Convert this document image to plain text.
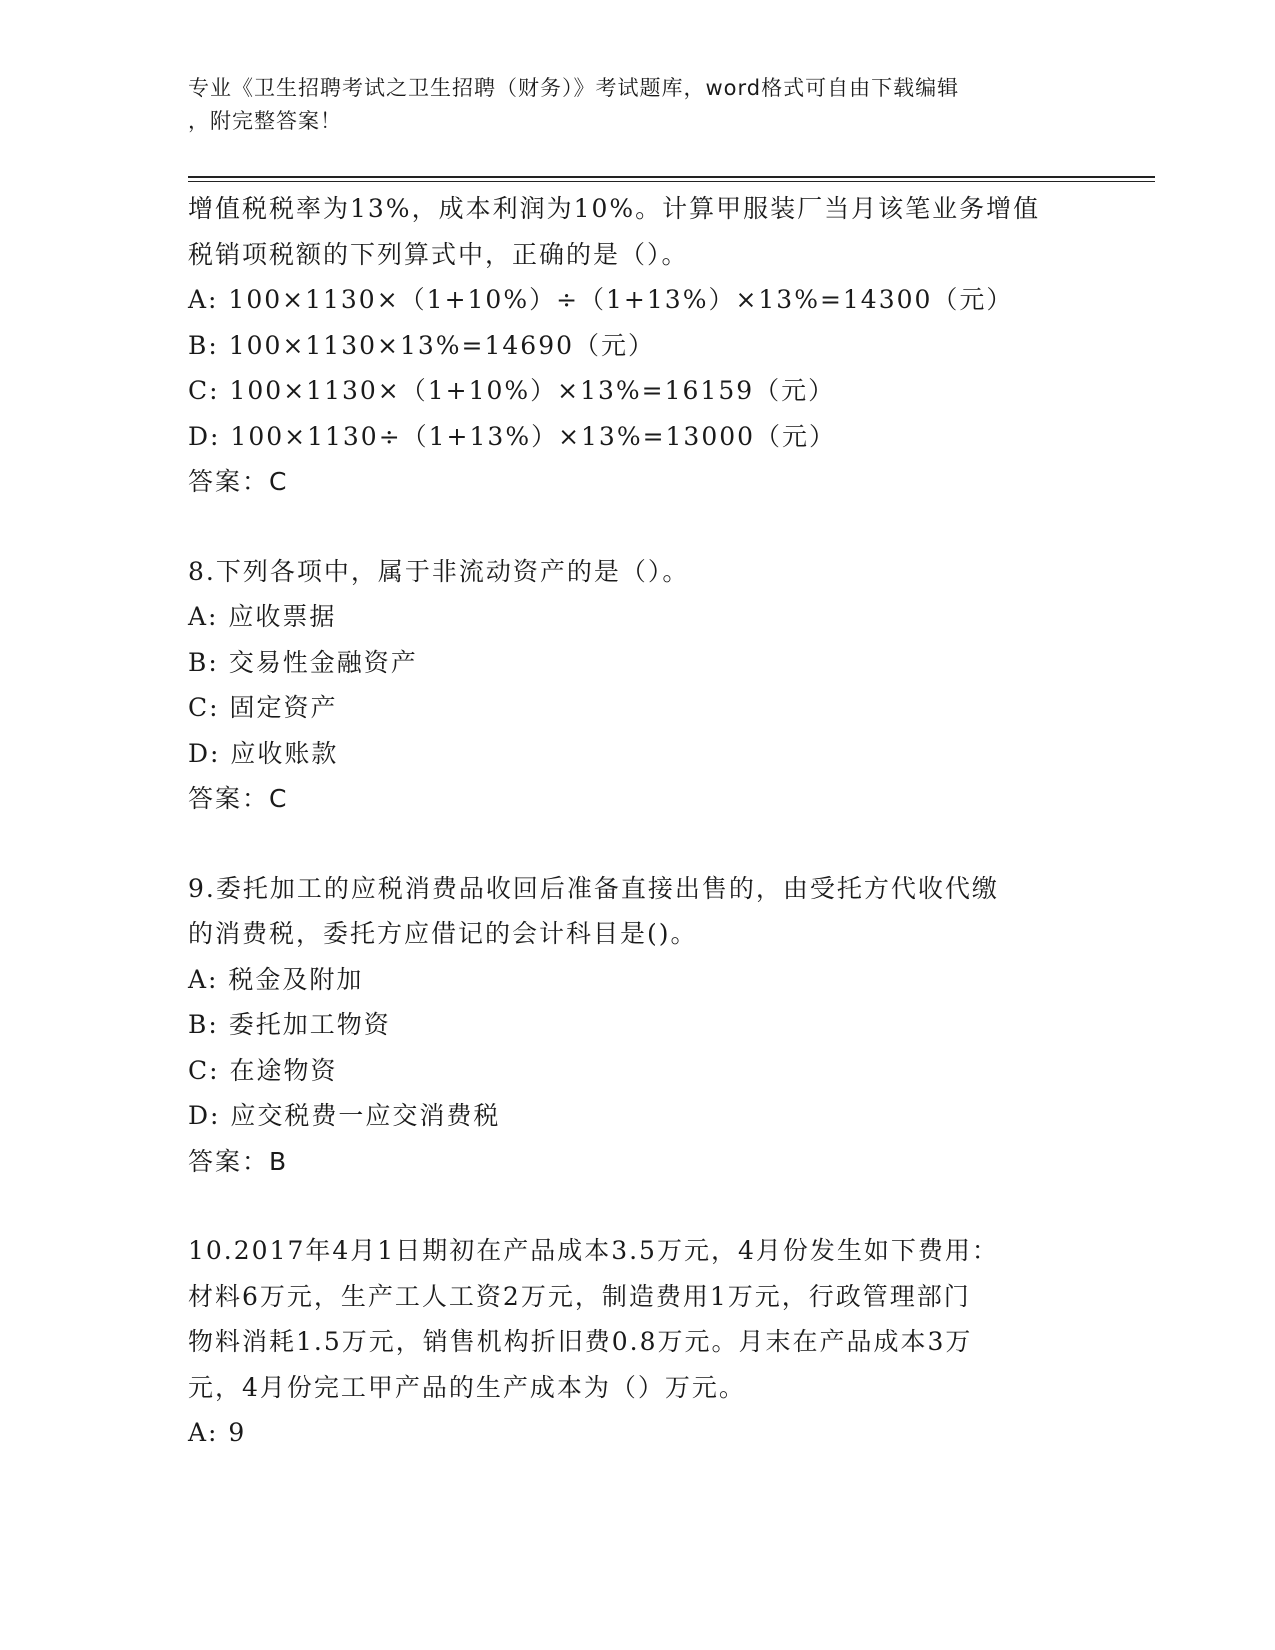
专业《卫生招聘考试之卫生招聘（财务）》考试题库，word格式可自由下载编辑
，附完整答案！
增值税税率为13%，成本利润为10%。计算甲服装厂当月该笔业务增值
税销项税额的下列算式中，正确的是（）。
A: 100×1130×（1+10%）÷（1+13%）×13%=14300（元）
B: 100×1130×13%=14690（元）
C: 100×1130×（1+10%）×13%=16159（元）
D: 100×1130÷（1+13%）×13%=13000（元）
答案：C
8.下列各项中，属于非流动资产的是（）。
A: 应收票据
B: 交易性金融资产
C: 固定资产
D: 应收账款
答案：C
9.委托加工的应税消费品收回后准备直接出售的，由受托方代收代缴
的消费税，委托方应借记的会计科目是()。
A: 税金及附加
B: 委托加工物资
C: 在途物资
D: 应交税费一应交消费税
答案：B
10.2017年4月1日期初在产品成本3.5万元，4月份发生如下费用：
材料6万元，生产工人工资2万元，制造费用1万元，行政管理部门
物料消耗1.5万元，销售机构折旧费0.8万元。月末在产品成本3万
元，4月份完工甲产品的生产成本为（）万元。
A: 9
